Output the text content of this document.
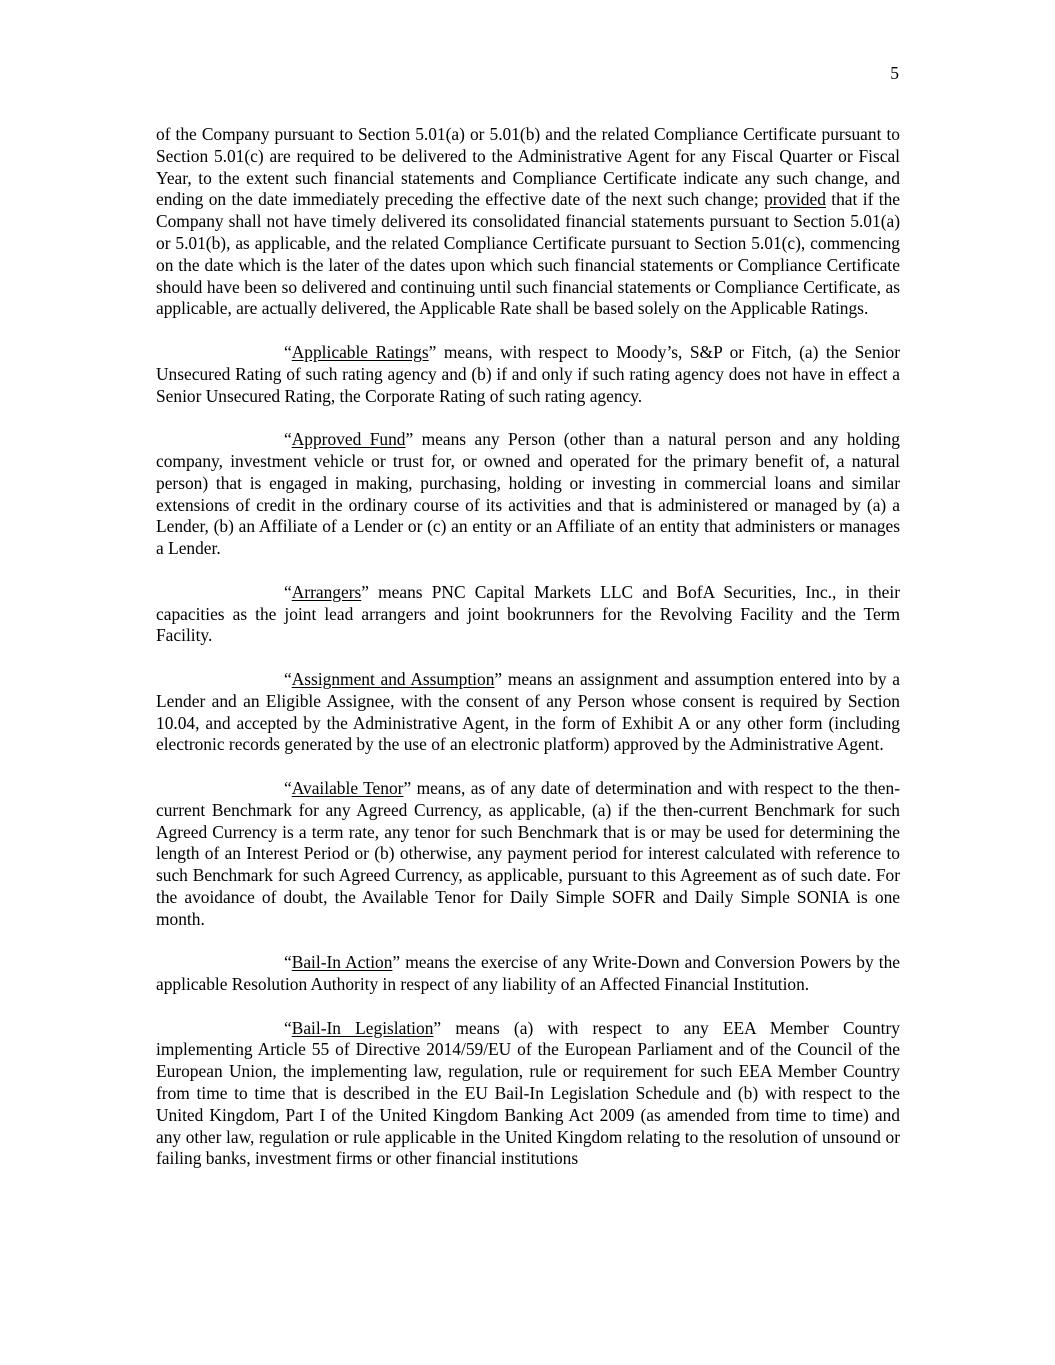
5

of the Company pursuant to Section 5.01(a) or 5.01(b) and the related Compliance Certificate pursuant to Section 5.01(c) are required to be delivered to the Administrative Agent for any Fiscal Quarter or Fiscal Year, to the extent such financial statements and Compliance Certificate indicate any such change, and ending on the date immediately preceding the effective date of the next such change; provided that if the Company shall not have timely delivered its consolidated financial statements pursuant to Section 5.01(a) or 5.01(b), as applicable, and the related Compliance Certificate pursuant to Section 5.01(c), commencing on the date which is the later of the dates upon which such financial statements or Compliance Certificate should have been so delivered and continuing until such financial statements or Compliance Certificate, as applicable, are actually delivered, the Applicable Rate shall be based solely on the Applicable Ratings.

“Applicable Ratings” means, with respect to Moody’s, S&P or Fitch, (a) the Senior Unsecured Rating of such rating agency and (b) if and only if such rating agency does not have in effect a Senior Unsecured Rating, the Corporate Rating of such rating agency.

“Approved Fund” means any Person (other than a natural person and any holding company, investment vehicle or trust for, or owned and operated for the primary benefit of, a natural person) that is engaged in making, purchasing, holding or investing in commercial loans and similar extensions of credit in the ordinary course of its activities and that is administered or managed by (a) a Lender, (b) an Affiliate of a Lender or (c) an entity or an Affiliate of an entity that administers or manages a Lender.

“Arrangers” means PNC Capital Markets LLC and BofA Securities, Inc., in their capacities as the joint lead arrangers and joint bookrunners for the Revolving Facility and the Term Facility.

“Assignment and Assumption” means an assignment and assumption entered into by a Lender and an Eligible Assignee, with the consent of any Person whose consent is required by Section 10.04, and accepted by the Administrative Agent, in the form of Exhibit A or any other form (including electronic records generated by the use of an electronic platform) approved by the Administrative Agent.

“Available Tenor” means, as of any date of determination and with respect to the then-current Benchmark for any Agreed Currency, as applicable, (a) if the then-current Benchmark for such Agreed Currency is a term rate, any tenor for such Benchmark that is or may be used for determining the length of an Interest Period or (b) otherwise, any payment period for interest calculated with reference to such Benchmark for such Agreed Currency, as applicable, pursuant to this Agreement as of such date. For the avoidance of doubt, the Available Tenor for Daily Simple SOFR and Daily Simple SONIA is one month.

“Bail-In Action” means the exercise of any Write-Down and Conversion Powers by the applicable Resolution Authority in respect of any liability of an Affected Financial Institution.

“Bail-In Legislation” means (a) with respect to any EEA Member Country implementing Article 55 of Directive 2014/59/EU of the European Parliament and of the Council of the European Union, the implementing law, regulation, rule or requirement for such EEA Member Country from time to time that is described in the EU Bail-In Legislation Schedule and (b) with respect to the United Kingdom, Part I of the United Kingdom Banking Act 2009 (as amended from time to time) and any other law, regulation or rule applicable in the United Kingdom relating to the resolution of unsound or failing banks, investment firms or other financial institutions
